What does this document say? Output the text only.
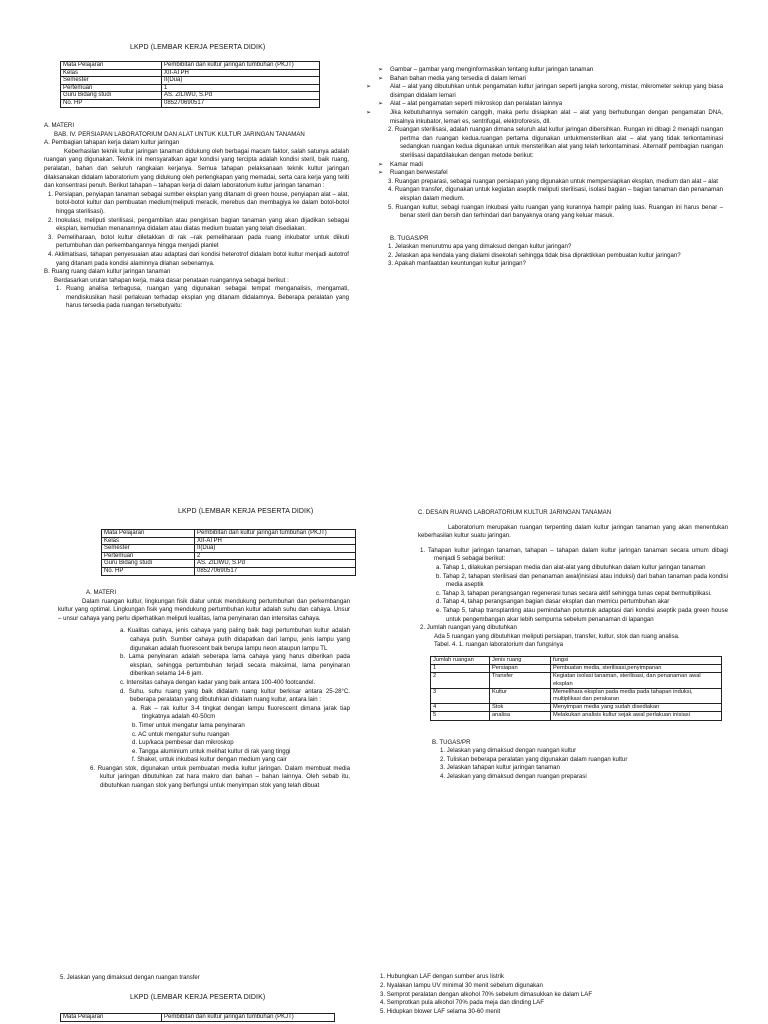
LKPD (LEMBAR KERJA PESERTA DIDIK)
Mata Pelajaran	Pembibitan dan kultur jaringan tumbuhan (PKJT)
Kelas	XII-ATPH
Semester	II(Dua)
Pertemuan	1
Guru Bidang studi	AS. ZILIWU, S.Pd
No. HP	085270690517
A. MATERI
BAB. IV. PERSIAPAN LABORATORIUM DAN ALAT UNTUK KULTUR JARINGAN TANAMAN
A. Pembagian tahapan kerja dalam kultur jaringan
Keberhasilan teknik kultur jaringan tanaman didukung oleh berbagai macam faktor, salah satunya adalah ruangan yang digunakan. Teknik ini mensyaratkan agar kondisi yang tercipta adalah kondisi steril, baik ruang, peralatan, bahan dan seluruh rangkaian kerjanya. Semua tahapan pelaksanaan teknik kultur jaringan dilaksanakan didalam laboratorium yang didukung oleh perlengkapan yang memadai, serta cara kerja yang teliti dan konsentrasi penuh. Berikut tahapan – tahapan kerja di dalam laboratorium kultur jaringan tanaman :
1. Persiapan, penyiapan tanaman sebagai sumber eksplan yang ditanam di green house, penyiapan alat – alat, botol-botol kultur dan pembuatan medium(meliputi meracik, merebus dan membagiya ke dalam botol-botol hingga sterilisasi).
2. Inokulasi, meliputi sterilisasi, pengambilan atau pengirisan bagian tanaman yang akan dijadikan sebagai eksplan, kemudian menanamnya didalam atau diatas medium buatan yang telah disediakan.
3. Pemeliharaan, botol kultur diletakkan di rak –rak pemeliharaan pada ruang inkubator untuk diikuti pertumbuhan dan perkembangannya hingga menjadi planlet
4. Aklimatisasi, tahapan penyesuaian atau adaptasi dari kondisi heterotrof didalam botol kultur menjadi autotrof yang ditanam pada kondisi alaminnya dilahan sebenarnya.
B. Ruang ruang dalam kultur jaringan tanaman
Berdasarkan urutan tahapan kerja, maka dasar penataan ruangannya sebagai berikut :
1. Ruang analisa terbagusa, ruangan yang digunakan sebagai tempat menganalisis, mengamati, mendiskusikan hasil perlakuan terhadap eksplan yng ditanam didalamnya. Beberapa peralatan yang harus tersedia pada ruangan tersebutyaitu:
➢ Gambar – gambar yang menginformasikan tentang kultur jaringan tanaman
➢ Bahan bahan media yang tersedia di dalam lemari
➢ Alat – alat yang dibutuhkan untuk pengamatan kultur jaringan seperti jangka sorong, mistar, mikrometer sekrup yang biasa disimpan didalam lemari
➢ Alat – alat pengamatan seperti mikroskop dan peralatan lainnya
➢ Jika kebutuhannya semakin canggih, maka perlu disiapkan alat – alat yang berhubungan dengan pengamatan DNA, misalnya inkubator, lemari es, sentrifugal, elektroforesis, dll.
2. Ruangan sterilisasi, adalah ruangan dimana seluruh alat kultur jaringan dibersihkan. Rungan ini dibagi 2 menajdi ruangan pertma dan ruangan kedua.ruangan pertama digunakan untukmensterilkan alat – alat yang tidak terkontaminasi sedangkan ruangan kedua digunakan untuk mensterilkan alat yang telah terkontaminasi. Alternatif pembagian ruangan sterilisasi dapatdilakukan dengan metode berikut:
➢ Kamar madi
➢ Ruangan berwestafel
3. Ruangan preparasi, sebagai ruangan persiapan yang digunakan untuk mempersiapkan eksplan, medium dan alat – alat
4. Ruangan transfer, digunakan untuk kegiatan aseptik meliputi sterilisasi, isolasi bagian – bagian tanaman dan penanaman eksplan dalam medium.
5. Ruangan kultur, sebagi ruangan inkubasi yaitu ruangan yang kurannya hampir paling luas. Ruangan ini harus benar – benar steril dan bersih dan terhindari dari banyaknya orang yang keluar masuk.
B. TUGAS/PR
1. Jelaskan menurutmu apa yang dimaksud dengan kultur jaringan?
2. Jelaskan apa kendala yang dialami disekolah sehingga tidak bisa dipraktikkan pembuatan kultur jaringan?
3. Apakah manfaatdan keuntungan kultur jaringan?
LKPD (LEMBAR KERJA PESERTA DIDIK)
Mata Pelajaran	Pembibitan dan kultur jaringan tumbuhan (PKJT)
Kelas	XII-ATPH
Semester	II(Dua)
Pertemuan	2
Guru Bidang studi	AS. ZILIWU, S.Pd
No. HP	085270690517
A. MATERI
Dalam ruangan kultur, lingkungan fisik diatur untuk mendukung pertumbuhan dan perkembangan kultur yang optimal. Lingkungan fisik yang mendukung pertumbuhan kultur adalah suhu dan cahaya. Unsur – unsur cahaya yang perlu diperhatikan meliputi kualitas, lama penyinaran dan intensitas cahaya.
a. Kualitas cahaya, jenis cahaya yang paling baik bagi pertumbuhan kultur adalah cahaya putih. Sumber cahaya putih didapatkan dari lampu, jenis lampu yang digunakan adalah fluorescent baik berupa lampu neon ataupun lampu TL
b. Lama penyinaran adalah seberapa lama cahaya yang harus diberikan pada eksplan, sehingga pertumbuhan terjadi secara maksimal, lama penyinaran diberikan selama 14-6 jam.
c. Intensitas cahaya dengan kadar yang baik antara 100-400 footcandel.
d. Suhu, suhu ruang yang baik didalam ruang kultur berkisar antara 25-28°C. beberapa peralatan yang dibutuhkan didalam ruang kultur, antara lain :
a. Rak – rak kultur 3-4 tingkat dengan lampu fluorescent dimana jarak tiap tingkatnya adalah 40-50cm
b. Timer untuk mengatur lama penyinaran
c. AC untuk mengatur suhu ruangan
d. Lup/kaca pembesar dan mikroskop
e. Tangga aluminium untuk melihat kultur di rak yang tinggi
f. Shaker, untuk inkubasi kultur dengan medium yang cair
6. Ruangan stok, digunakan untuk pembuatan media kultur jaringan. Dalam membuat media kultur jaringan dibutuhkan zat hara makro dan bahan – bahan lainnya. Oleh sebab itu, dibutuhkan ruangan stok yang berfungsi untuk menyimpan stok yang telah dibuat
C. DESAIN RUANG LABORATORIUM KULTUR JARINGAN TANAMAN
Laboratorium merupakan ruangan terpenting dalam kultur jaringan tanaman yang akan menentukan keberhasilan kultur suatu jaringan.
1. Tahapan kultur jaringan tanaman, tahapan – tahapan dalam kultur jaringan tanaman secara umum dibagi menjadi 5 sebagai berikut:
a. Tahap 1, dilakukan persiapan media dan alat-alat yang dibutuhkan dalam kultur jaringan tanaman
b. Tahap 2, tahapan sterilisasi dan penanaman awal(inisiasi atau induksi) dari bahan tanaman pada kondisi media aseptik
c. Tahap 3, tahapan perangsangan regenerasi tunas secara aktif sehingga tunas cepat bermultiplikasi.
d. Tahap 4, tahap perangsangan bagian dasar eksplan dan memicu pertumbuhan akar
e. Tahap 5, tahap transplanting atau pemindahan potuntuk adaptasi dari kondisi aseptik pada green house untuk pengembangan akar lebih sempurna sebelum penanaman di lapangan
2. Jumlah ruangan yang dibutuhkan
Ada 5 ruangan yang dibutuhkan meliputi persiapan, transfer, kultur, stok dan ruang analisa.
Tabel. 4. 1. ruangan laboratorium dan fungsinya
Jumlah ruangan	Jenis ruang	fungsi
1	Persiapan	Pembuatan media, sterilisasi,penyimpanan
2	Transfer	Kegiatan isolasi tanaman, sterilisasi, dan penanaman awal eksplan
3	Kultur	Memelihara eksplan pada media pada tahapan induksi, multiplikasi dan perakaran
4	Stok	Menyimpan media yang sudah disediakan
5	analisa	Melakukan analisis kultur sejak awal perlakuan inisiasi
B. TUGAS/PR
1. Jelaskan yang dimaksud dengan ruangan kultur
2. Tuliskan beberapa peralatan yang digunakan dalam ruangan kultur
3. Jelaskan tahapan kultur jaringan tanaman
4. Jelaskan yang dimaksud dengan ruangan preparasi
5. Jelaskan yang dimaksud dengan ruangan transfer
LKPD (LEMBAR KERJA PESERTA DIDIK)
Mata Pelajaran	Pembibitan dan kultur jaringan tumbuhan (PKJT)
1. Hubungkan LAF dengan sumber arus listrik
2. Nyalakan lampu UV minimal 30 menit sebelum digunakan
3. Semprot peralatan dengan alkohol 70% sebelum dimasukkan ke dalam LAF
4. Semprotkan pula alkohol 70% pada meja dan dinding LAF
5. Hidupkan blower LAF selama 30-60 menit
